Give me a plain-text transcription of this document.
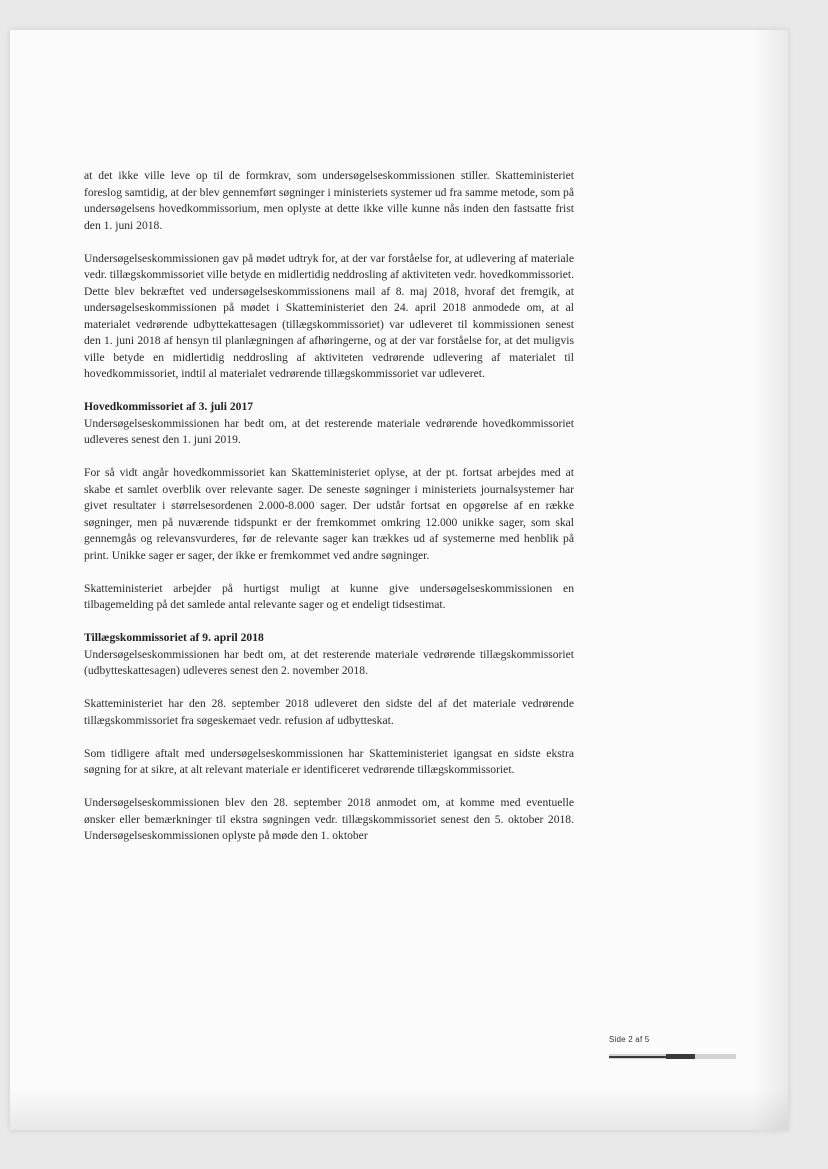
at det ikke ville leve op til de formkrav, som undersøgelseskommissionen stiller. Skatteministeriet foreslog samtidig, at der blev gennemført søgninger i ministeriets systemer ud fra samme metode, som på undersøgelsens hovedkommissorium, men oplyste at dette ikke ville kunne nås inden den fastsatte frist den 1. juni 2018.

Undersøgelseskommissionen gav på mødet udtryk for, at der var forståelse for, at udlevering af materiale vedr. tillægskommissoriet ville betyde en midlertidig neddrosling af aktiviteten vedr. hovedkommissoriet. Dette blev bekræftet ved undersøgelseskommissionens mail af 8. maj 2018, hvoraf det fremgik, at undersøgelseskommissionen på mødet i Skatteministeriet den 24. april 2018 anmodede om, at al materialet vedrørende udbyttekattesagen (tillægskommissoriet) var udleveret til kommissionen senest den 1. juni 2018 af hensyn til planlægningen af afhøringerne, og at der var forståelse for, at det muligvis ville betyde en midlertidig neddrosling af aktiviteten vedrørende udlevering af materialet til hovedkommissoriet, indtil al materialet vedrørende tillægskommissoriet var udleveret.

Hovedkommissoriet af 3. juli 2017

Undersøgelseskommissionen har bedt om, at det resterende materiale vedrørende hovedkommissoriet udleveres senest den 1. juni 2019.

For så vidt angår hovedkommissoriet kan Skatteministeriet oplyse, at der pt. fortsat arbejdes med at skabe et samlet overblik over relevante sager. De seneste søgninger i ministeriets journalsystemer har givet resultater i størrelsesordenen 2.000-8.000 sager. Der udstår fortsat en opgørelse af en række søgninger, men på nuværende tidspunkt er der fremkommet omkring 12.000 unikke sager, som skal gennemgås og relevansvurderes, før de relevante sager kan trækkes ud af systemerne med henblik på print. Unikke sager er sager, der ikke er fremkommet ved andre søgninger.

Skatteministeriet arbejder på hurtigst muligt at kunne give undersøgelseskommissionen en tilbagemelding på det samlede antal relevante sager og et endeligt tidsestimat.

Tillægskommissoriet af 9. april 2018

Undersøgelseskommissionen har bedt om, at det resterende materiale vedrørende tillægskommissoriet (udbytteskattesagen) udleveres senest den 2. november 2018.

Skatteministeriet har den 28. september 2018 udleveret den sidste del af det materiale vedrørende tillægskommissoriet fra søgeskemaet vedr. refusion af udbytteskat.

Som tidligere aftalt med undersøgelseskommissionen har Skatteministeriet igangsat en sidste ekstra søgning for at sikre, at alt relevant materiale er identificeret vedrørende tillægskommissoriet.

Undersøgelseskommissionen blev den 28. september 2018 anmodet om, at komme med eventuelle ønsker eller bemærkninger til ekstra søgningen vedr. tillægskommissoriet senest den 5. oktober 2018. Undersøgelseskommissionen oplyste på møde den 1. oktober

Side 2 af 5
